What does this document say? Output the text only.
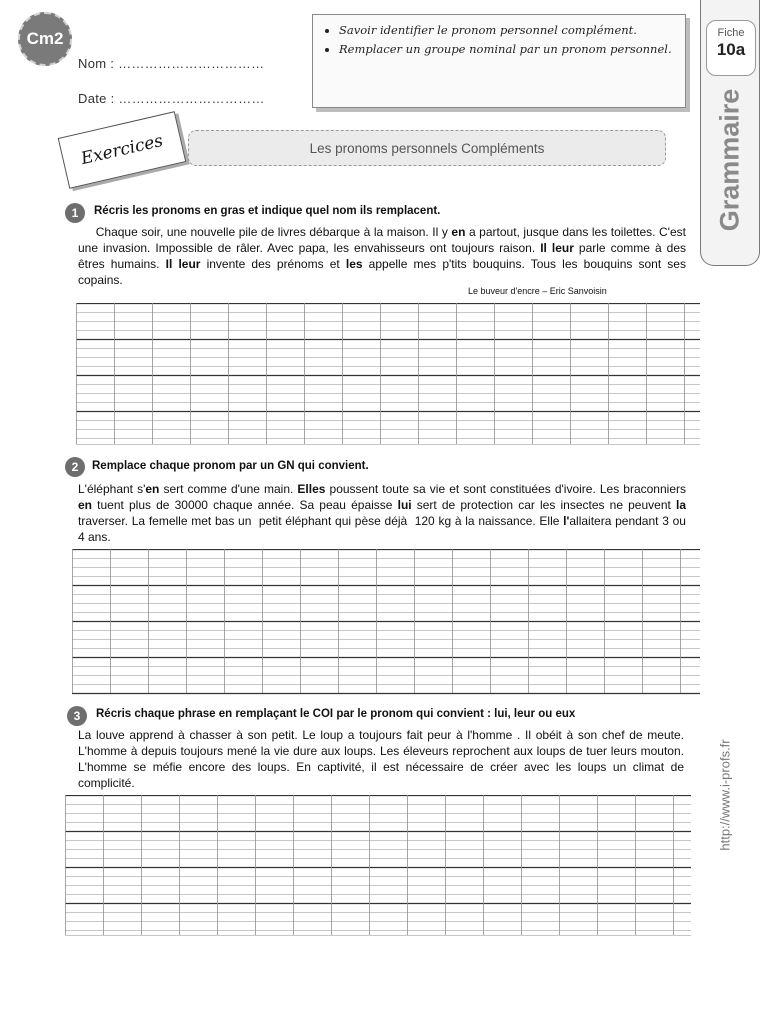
Cm2
Nom : ……………………………
Date : ……………………………
• Savoir identifier le pronom personnel complément.
• Remplacer un groupe nominal par un pronom personnel.
Fiche
10a
Grammaire
Exercices	Les pronoms personnels Compléments
1	Récris les pronoms en gras et indique quel nom ils remplacent.
Chaque soir, une nouvelle pile de livres débarque à la maison. Il y en a partout, jusque dans les toilettes. C'est une invasion. Impossible de râler. Avec papa, les envahisseurs ont toujours raison. Il leur parle comme à des êtres humains. Il leur invente des prénoms et les appelle mes p'tits bouquins. Tous les bouquins sont ses copains.
Le buveur d'encre – Eric Sanvoisin
2	Remplace chaque pronom par un GN qui convient.
L'éléphant s'en sert comme d'une main. Elles poussent toute sa vie et sont constituées d'ivoire. Les braconniers en tuent plus de 30000 chaque année. Sa peau épaisse lui sert de protection car les insectes ne peuvent la traverser. La femelle met bas un  petit éléphant qui pèse déjà  120 kg à la naissance. Elle l'allaitera pendant 3 ou 4 ans.
3	Récris chaque phrase en remplaçant le COI par le pronom qui convient : lui, leur ou eux
La louve apprend à chasser à son petit. Le loup a toujours fait peur à l'homme . Il obéit à son chef de meute. L'homme à depuis toujours mené la vie dure aux loups. Les éleveurs reprochent aux loups de tuer leurs mouton. L'homme se méfie encore des loups. En captivité, il est nécessaire de créer avec les loups un climat de complicité.	http://www.i-profs.fr
